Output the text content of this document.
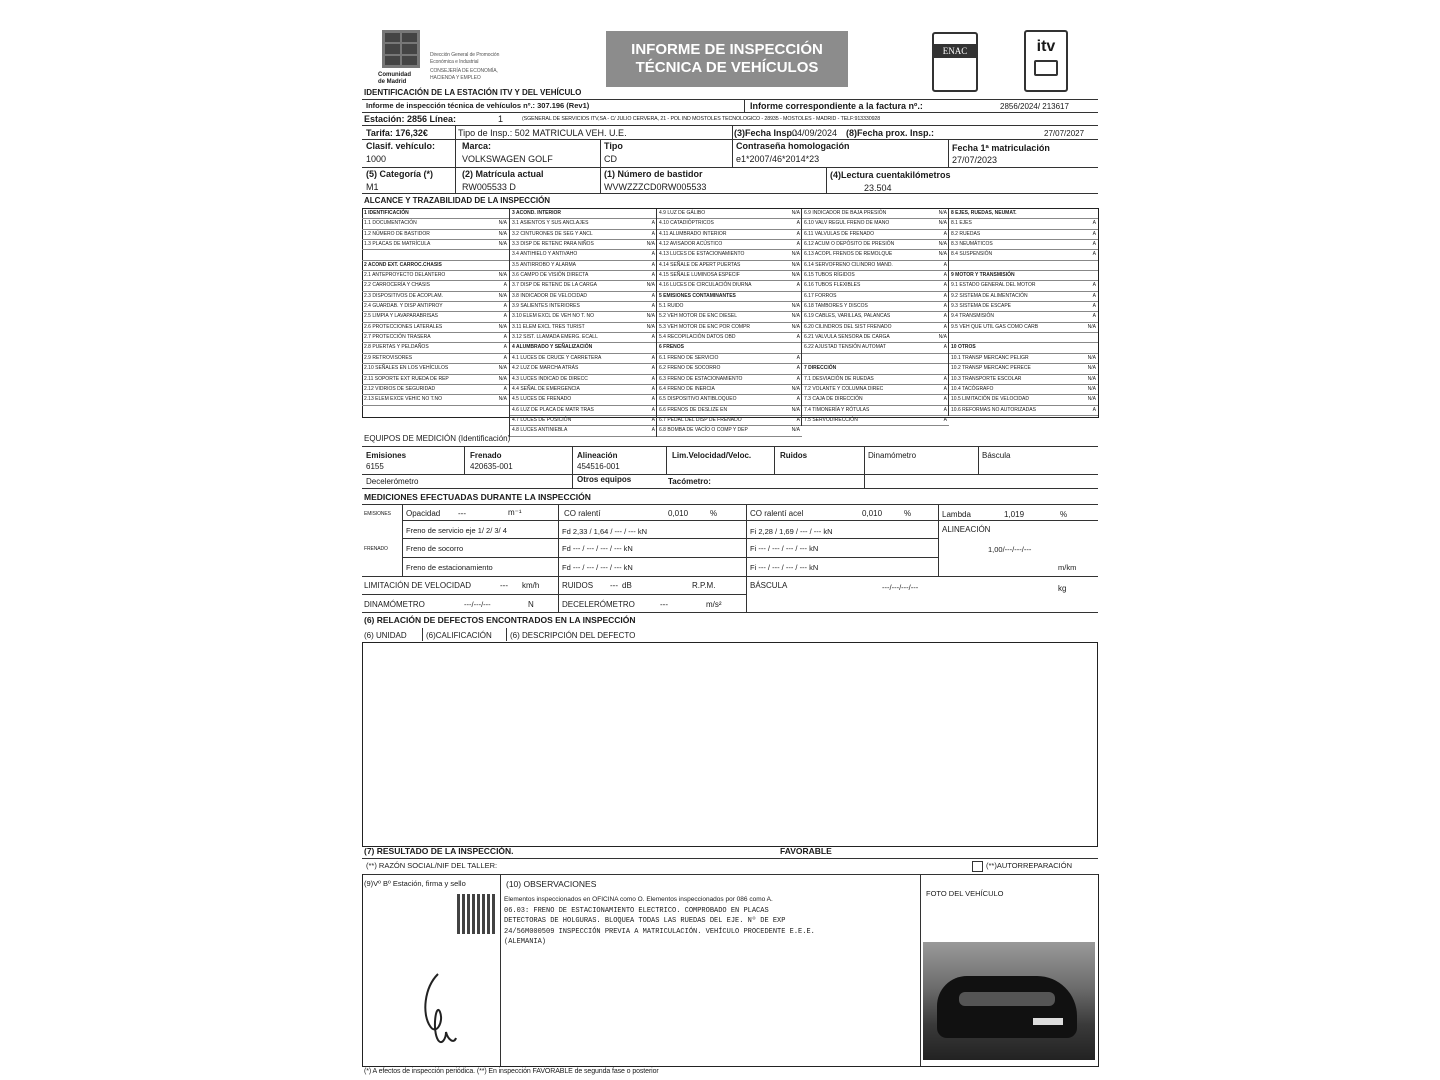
Comunidad
de Madrid
Dirección General de Promoción
Económica e Industrial
CONSEJERÍA DE ECONOMÍA,
HACIENDA Y EMPLEO
INFORME DE INSPECCIÓN
TÉCNICA DE VEHÍCULOS
ENAC	itv
IDENTIFICACIÓN DE LA ESTACIÓN ITV Y DEL VEHÍCULO
Informe de inspección técnica de vehículos nº.: 307.196 (Rev1)	Informe correspondiente a la factura nº.:	2856/2024/ 213617
Estación: 2856 Línea:	1	(SGENERAL DE SERVICIOS ITV,SA - C/ JULIO CERVERA, 21 - POL IND MOSTOLES TECNOLOGICO - 28935 - MOSTOLES - MADRID - TELF:913330928
Tarifa: 176,32€	Tipo de Insp.: 502 MATRICULA VEH. U.E.	(3)Fecha Insp.:
04/09/2024 (8)Fecha prox. Insp.:	27/07/2027
Clasif. vehículo:
1000
Marca:
VOLKSWAGEN GOLF
Tipo
CD
Contraseña homologación
e1*2007/46*2014*23
Fecha 1ª matriculación
27/07/2023
(5) Categoría (*)
M1
(2) Matrícula actual
RW005533 D
(1) Número de bastidor
WVWZZZCD0RW005533
(4)Lectura cuentakilómetros
23.504
ALCANCE Y TRAZABILIDAD DE LA INSPECCIÓN
EQUIPOS DE MEDICIÓN (Identificación)
Emisiones
6155
Frenado
420635-001
Alineación
454516-001
Lim.Velocidad/Veloc.	Ruidos	Dinamómetro	Báscula
Decelerómetro	Otros equipos	Tacómetro:
MEDICIONES EFECTUADAS DURANTE LA INSPECCIÓN
EMISIONES Opacidad ---	m⁻¹	CO ralentí	0,010	%	CO ralentí acel	0,010	%	Lambda	1,019	%
FRENADO
Freno de servicio eje 1/ 2/ 3/ 4	Fd 2,33 / 1,64 / --- / --- kN	Fi 2,28 / 1,69 / --- / --- kN	ALINEACIÓN
Freno de socorro	Fd --- / --- / --- / --- kN	Fi --- / --- / --- / --- kN	1,00/---/---/---
Freno de estacionamiento	Fd --- / --- / --- / --- kN	Fi --- / --- / --- / --- kN	m/km
LIMITACIÓN DE VELOCIDAD	--- km/h	RUIDOS --- dB	R.P.M.	BÁSCULA	---/---/---/---	kg
DINAMÓMETRO	---/---/---	N	DECELERÓMETRO	---	m/s²
(6) RELACIÓN DE DEFECTOS ENCONTRADOS EN LA INSPECCIÓN
(6) UNIDAD (6)CALIFICACIÓN (6) DESCRIPCIÓN DEL DEFECTO
(7) RESULTADO DE LA INSPECCIÓN.	FAVORABLE
(**) RAZÓN SOCIAL/NIF DEL TALLER:	(**)AUTORREPARACIÓN
(9)Vº Bº Estación, firma y sello	(10) OBSERVACIONES
Elementos inspeccionados en OFICINA como O. Elementos inspeccionados por 086 como A.
06.03: FRENO DE ESTACIONAMIENTO ELECTRICO. COMPROBADO EN PLACAS
DETECTORAS DE HOLGURAS. BLOQUEA TODAS LAS RUEDAS DEL EJE. Nº DE EXP
24/56M000509 INSPECCIÓN PREVIA A MATRICULACIÓN. VEHÍCULO PROCEDENTE E.E.E.
(ALEMANIA)
FOTO DEL VEHÍCULO
(*) A efectos de inspección periódica. (**) En inspección FAVORABLE de segunda fase o posterior
1 IDENTIFICACIÓN
1.1 DOCUMENTACIÓN	N/A
1.2 NÚMERO DE BASTIDOR	N/A
1.3 PLACAS DE MATRÍCULA	N/A
2 ACOND EXT. CARROC.CHASIS
2.1 ANTEPROYECTO DELANTERO	N/A
2.2 CARROCERÍA Y CHASIS	A
2.3 DISPOSITIVOS DE ACOPLAM.	N/A
2.4 GUARDAB. Y DISP ANTIPROY	A
2.5 LIMPIA Y LAVAPARABRISAS	A
2.6 PROTECCIONES LATERALES	N/A
2.7 PROTECCIÓN TRASERA	A
2.8 PUERTAS Y PELDAÑOS	A
2.9 RETROVISORES	A
2.10 SEÑALES EN LOS VEHÍCULOS	N/A
2.11 SOPORTE EXT RUEDA DE REP	N/A
2.12 VIDRIOS DE SEGURIDAD	A
2.13 ELEM EXCE VEHIC NO T.NO	N/A
3 ACOND. INTERIOR
3.1 ASIENTOS Y SUS ANCLAJES	A
3.2 CINTURONES DE SEG Y ANCL	A
3.3 DISP DE RETENC PARA NIÑOS	N/A
3.4 ANTIHIELO Y ANTIVAHO	A
3.5 ANTIRROBO Y ALARMA	A
3.6 CAMPO DE VISIÓN DIRECTA	A
3.7 DISP DE RETENC DE LA CARGA	N/A
3.8 INDICADOR DE VELOCIDAD	A
3.9 SALIENTES INTERIORES	A
3.10 ELEM EXCL DE VEH NO T. NO	N/A
3.11 ELEM EXCL TRES TURIST	N/A
3.12 SIST. LLAMADA EMERG. ECALL	A
4 ALUMBRADO Y SEÑALIZACIÓN
4.1 LUCES DE CRUCE Y CARRETERA	A
4.2 LUZ DE MARCHA ATRÁS	A
4.3 LUCES INDICAD DE DIRECC	A
4.4 SEÑAL DE EMERGENCIA	A
4.5 LUCES DE FRENADO	A
4.6 LUZ DE PLACA DE MATR TRAS	A
4.7 LUCES DE POSICIÓN	A
4.8 LUCES ANTINIEBLA	A
4.9 LUZ DE GÁLIBO	N/A
4.10 CATADIÓPTRICOS	A
4.11 ALUMBRADO INTERIOR	A
4.12 AVISADOR ACÚSTICO	A
4.13 LUCES DE ESTACIONAMIENTO	N/A
4.14 SEÑALE DE APERT PUERTAS	N/A
4.15 SEÑALE LUMINOSA ESPECIF	N/A
4.16 LUCES DE CIRCULACIÓN DIURNA	A
5 EMISIONES CONTAMINANTES
5.1 RUIDO	N/A
5.2 VEH MOTOR DE ENC DIESEL	N/A
5.3 VEH MOTOR DE ENC POR COMPR	N/A
5.4 RECOPILACIÓN DATOS OBD	A
6 FRENOS
6.1 FRENO DE SERVICIO	A
6.2 FRENO DE SOCORRO	A
6.3 FRENO DE ESTACIONAMIENTO	A
6.4 FRENO DE INERCIA	N/A
6.5 DISPOSITIVO ANTIBLOQUEO	A
6.6 FRENOS DE DESLIZE EN	N/A
6.7 PEDAL DEL DISP DE FRENADO	A
6.8 BOMBA DE VACÍO O COMP Y DEP	N/A
6.9 INDICADOR DE BAJA PRESIÓN	N/A
6.10 VALV REGUL FRENO DE MANO	N/A
6.11 VALVULAS DE FRENADO	A
6.12 ACUM O DEPÓSITO DE PRESIÓN	N/A
6.13 ACOPL FRENOS DE REMOLQUE	N/A
6.14 SERVOFRENO CILINDRO MAND.	A
6.15 TUBOS RÍGIDOS	A
6.16 TUBOS FLEXIBLES	A
6.17 FORROS	A
6.18 TAMBORES Y DISCOS	A
6.19 CABLES, VARILLAS, PALANCAS	A
6.20 CILINDROS DEL SIST FRENADO	A
6.21 VALVULA SENSORA DE CARGA	N/A
6.22 AJUSTAD TENSIÓN AUTOMAT	A
7 DIRECCIÓN
7.1 DESVIACIÓN DE RUEDAS	A
7.2 VOLANTE Y COLUMNA DIREC	A
7.3 CAJA DE DIRECCIÓN	A
7.4 TIMONERÍA Y RÓTULAS	A
7.5 SERVODIRECCIÓN	A
8 EJES, RUEDAS, NEUMAT.
8.1 EJES	A
8.2 RUEDAS	A
8.3 NEUMÁTICOS	A
8.4 SUSPENSIÓN	A
9 MOTOR Y TRANSMISIÓN
9.1 ESTADO GENERAL DEL MOTOR	A
9.2 SISTEMA DE ALIMENTACIÓN	A
9.3 SISTEMA DE ESCAPE	A
9.4 TRANSMISIÓN	A
9.5 VEH QUE UTIL GAS COMO CARB	N/A
10 OTROS
10.1 TRANSP MERCANC PELIGR	N/A
10.2 TRANSP MERCANC PERECE	N/A
10.3 TRANSPORTE ESCOLAR	N/A
10.4 TACÓGRAFO	N/A
10.5 LIMITACIÓN DE VELOCIDAD	N/A
10.6 REFORMAS NO AUTORIZADAS	A
